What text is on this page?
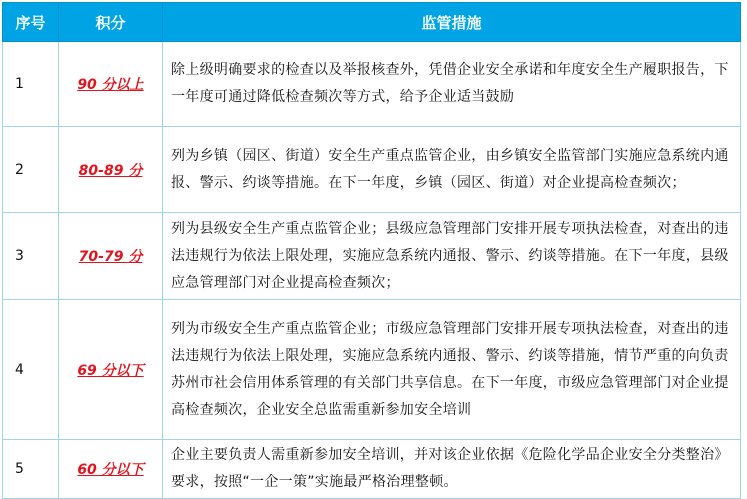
序号	积分	监管措施
1	90 分以上	除上级明确要求的检查以及举报核查外，凭借企业安全承诺和年度安全生产履职报告，下一年度可通过降低检查频次等方式，给予企业适当鼓励
2	80-89 分	列为乡镇（园区、街道）安全生产重点监管企业，由乡镇安全监管部门实施应急系统内通报、警示、约谈等措施。在下一年度，乡镇（园区、街道）对企业提高检查频次；
3	70-79 分	列为县级安全生产重点监管企业；县级应急管理部门安排开展专项执法检查，对查出的违法违规行为依法上限处理，实施应急系统内通报、警示、约谈等措施。在下一年度，县级应急管理部门对企业提高检查频次；
4	69 分以下	列为市级安全生产重点监管企业；市级应急管理部门安排开展专项执法检查，对查出的违法违规行为依法上限处理，实施应急系统内通报、警示、约谈等措施，情节严重的向负责苏州市社会信用体系管理的有关部门共享信息。在下一年度，市级应急管理部门对企业提高检查频次，企业安全总监需重新参加安全培训
5	60 分以下	企业主要负责人需重新参加安全培训，并对该企业依据《危险化学品企业安全分类整治》要求，按照“一企一策”实施最严格治理整顿。
